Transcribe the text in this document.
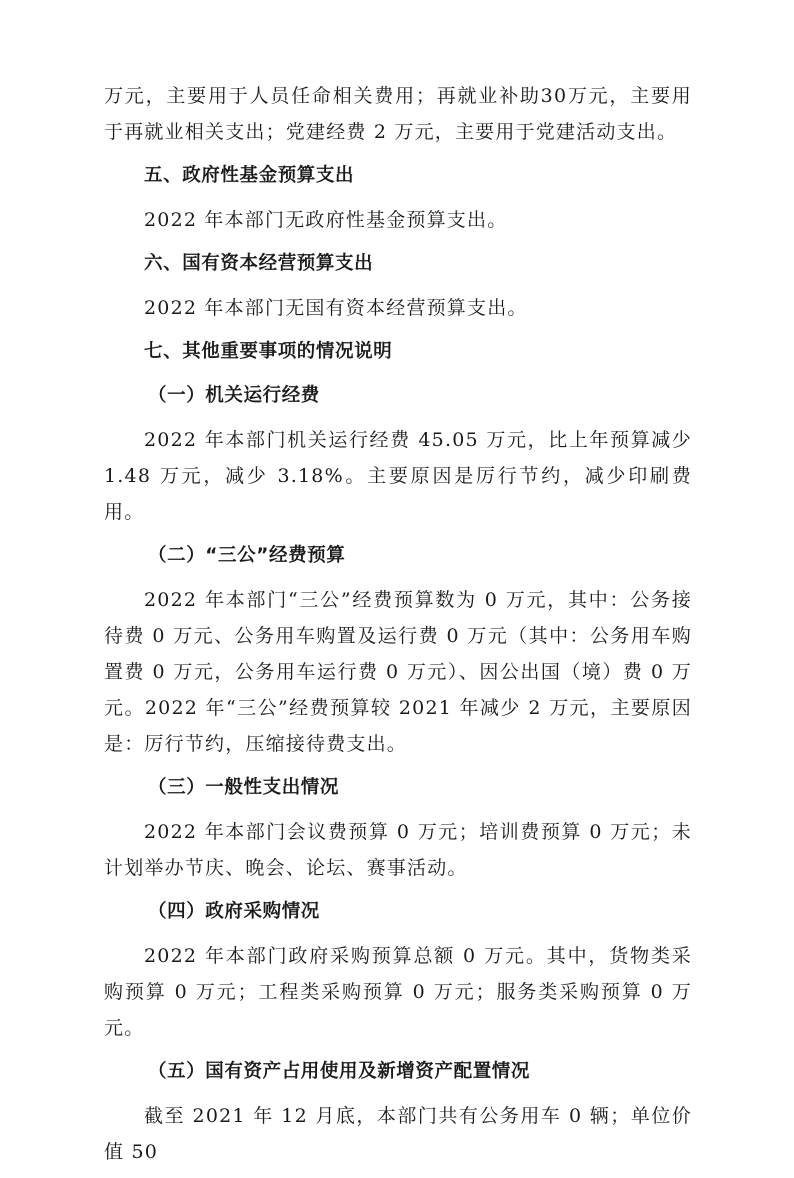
万元，主要用于人员任命相关费用；再就业补助30万元，主要用于再就业相关支出；党建经费 2 万元，主要用于党建活动支出。

五、政府性基金预算支出

2022 年本部门无政府性基金预算支出。

六、国有资本经营预算支出

2022 年本部门无国有资本经营预算支出。

七、其他重要事项的情况说明

（一）机关运行经费

2022 年本部门机关运行经费 45.05 万元，比上年预算减少 1.48 万元，减少 3.18%。主要原因是厉行节约，减少印刷费用。

（二）“三公”经费预算

2022 年本部门“三公”经费预算数为 0 万元，其中：公务接待费 0 万元、公务用车购置及运行费 0 万元（其中：公务用车购置费 0 万元，公务用车运行费 0 万元）、因公出国（境）费 0 万元。2022 年“三公”经费预算较 2021 年减少 2 万元，主要原因是：厉行节约，压缩接待费支出。

（三）一般性支出情况

2022 年本部门会议费预算 0 万元；培训费预算 0 万元；未计划举办节庆、晚会、论坛、赛事活动。

（四）政府采购情况

2022 年本部门政府采购预算总额 0 万元。其中，货物类采购预算 0 万元；工程类采购预算 0 万元；服务类采购预算 0 万元。

（五）国有资产占用使用及新增资产配置情况

截至 2021 年 12 月底，本部门共有公务用车 0 辆；单位价值 50
